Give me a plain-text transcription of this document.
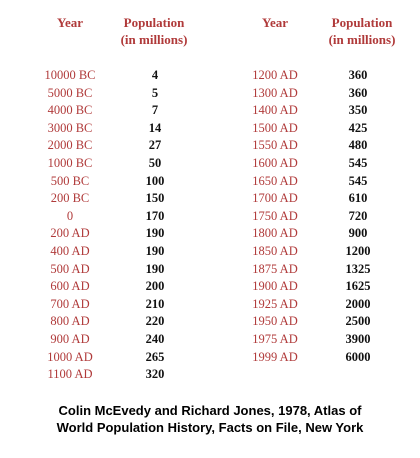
Year	Population
(in millions)
Year	Population
(in millions)
10000 BC	4
5000 BC	5
4000 BC	7
3000 BC	14
2000 BC	27
1000 BC	50
500 BC	100
200 BC	150
0	170
200 AD	190
400 AD	190
500 AD	190
600 AD	200
700 AD	210
800 AD	220
900 AD	240
1000 AD	265
1100 AD	320
1200 AD	360
1300 AD	360
1400 AD	350
1500 AD	425
1550 AD	480
1600 AD	545
1650 AD	545
1700 AD	610
1750 AD	720
1800 AD	900
1850 AD	1200
1875 AD	1325
1900 AD	1625
1925 AD	2000
1950 AD	2500
1975 AD	3900
1999 AD	6000
Colin McEvedy and Richard Jones, 1978, Atlas of
World Population History, Facts on File, New York
